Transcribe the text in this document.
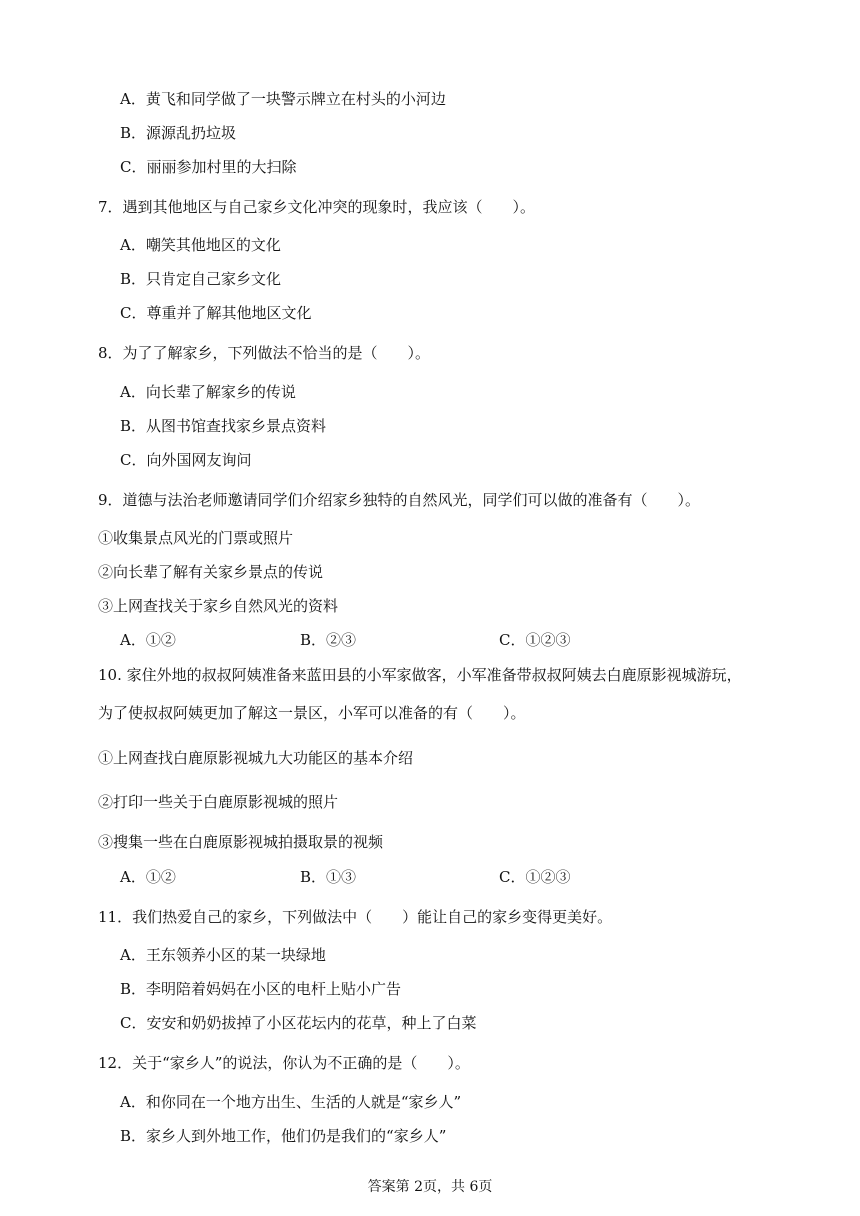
A．黄飞和同学做了一块警示牌立在村头的小河边
B．源源乱扔垃圾
C．丽丽参加村里的大扫除
7．遇到其他地区与自己家乡文化冲突的现象时，我应该（　　）。
A．嘲笑其他地区的文化
B．只肯定自己家乡文化
C．尊重并了解其他地区文化
8．为了了解家乡，下列做法不恰当的是（　　）。
A．向长辈了解家乡的传说
B．从图书馆查找家乡景点资料
C．向外国网友询问
9．道德与法治老师邀请同学们介绍家乡独特的自然风光，同学们可以做的准备有（　　）。
①收集景点风光的门票或照片
②向长辈了解有关家乡景点的传说
③上网查找关于家乡自然风光的资料
A．①②	B．②③	C．①②③
10. 家住外地的叔叔阿姨准备来蓝田县的小军家做客，小军准备带叔叔阿姨去白鹿原影视城游玩，
为了使叔叔阿姨更加了解这一景区，小军可以准备的有（　　）。
①上网查找白鹿原影视城九大功能区的基本介绍
②打印一些关于白鹿原影视城的照片
③搜集一些在白鹿原影视城拍摄取景的视频
A．①②	B．①③	C．①②③
11．我们热爱自己的家乡，下列做法中（　　）能让自己的家乡变得更美好。
A．王东领养小区的某一块绿地
B．李明陪着妈妈在小区的电杆上贴小广告
C．安安和奶奶拔掉了小区花坛内的花草，种上了白菜
12．关于“家乡人”的说法，你认为不正确的是（　　）。
A．和你同在一个地方出生、生活的人就是“家乡人”
B．家乡人到外地工作，他们仍是我们的“家乡人”
答案第 2页，共 6页
